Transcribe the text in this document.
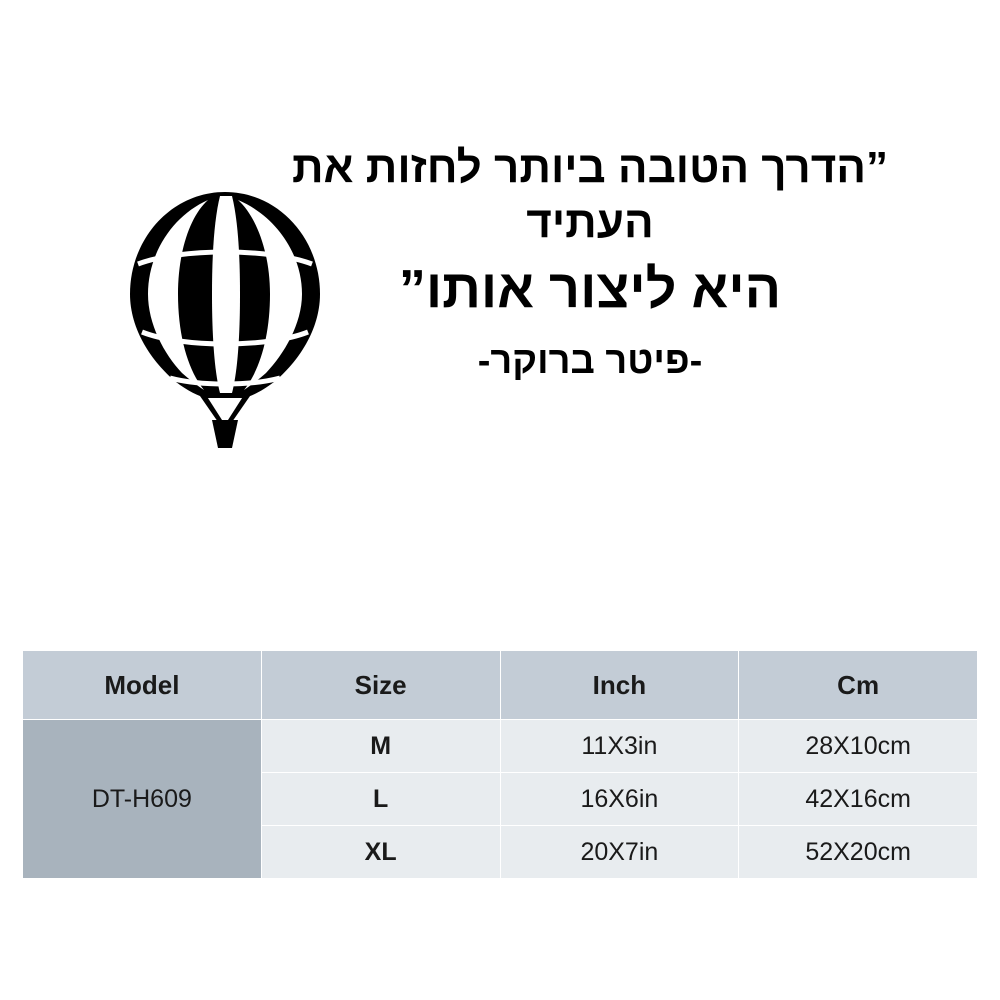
”הדרך הטובה ביותר לחזות את העתיד
היא ליצור אותו”
-פיטר ברוקר-
Model	Size	Inch	Cm
DT-H609	M	11X3in	28X10cm
	L	16X6in	42X16cm
	XL	20X7in	52X20cm
